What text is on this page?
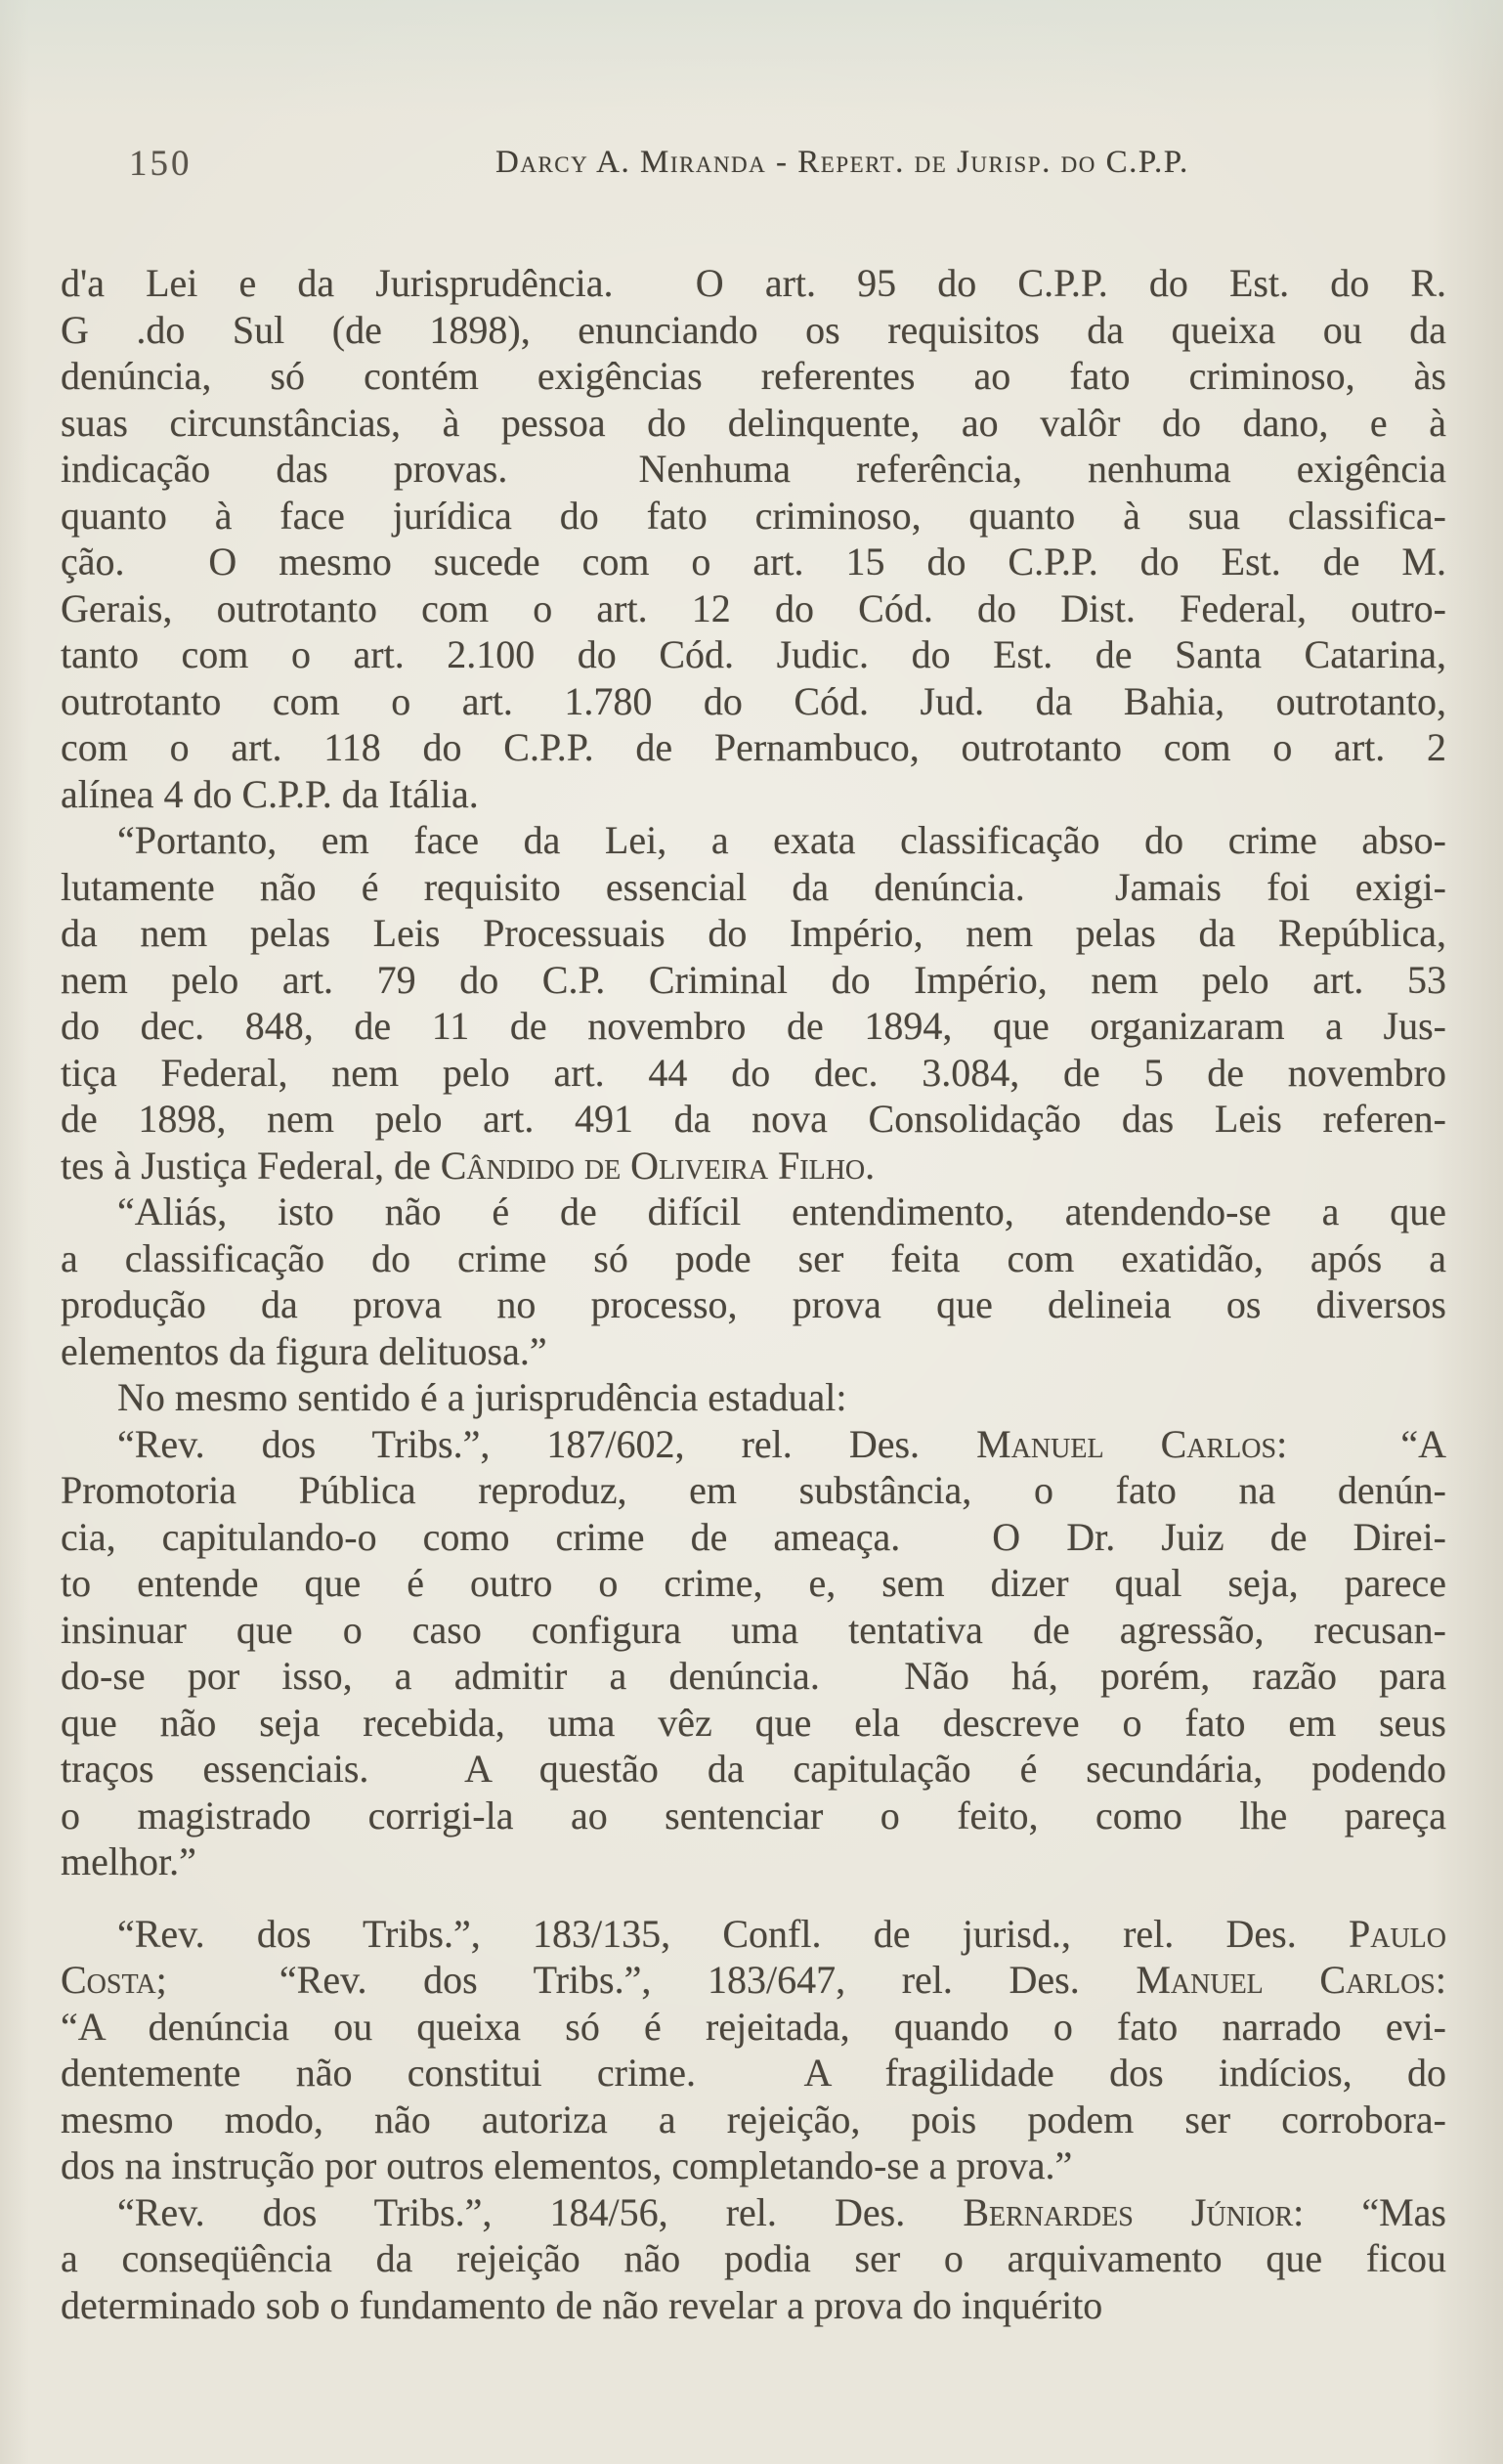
150	Darcy A. Miranda - Repert. de Jurisp. do C.P.P.
d'a Lei e da Jurisprudência.  O art. 95 do C.P.P. do Est. do R.
G .do Sul (de 1898), enunciando os requisitos da queixa ou da
denúncia, só contém exigências referentes ao fato criminoso, às
suas circunstâncias, à pessoa do delinquente, ao valôr do dano, e à
indicação das provas.  Nenhuma referência, nenhuma exigência
quanto à face jurídica do fato criminoso, quanto à sua classifica-
ção.  O mesmo sucede com o art. 15 do C.P.P. do Est. de M.
Gerais, outrotanto com o art. 12 do Cód. do Dist. Federal, outro-
tanto com o art. 2.100 do Cód. Judic. do Est. de Santa Catarina,
outrotanto com o art. 1.780 do Cód. Jud. da Bahia, outrotanto,
com o art. 118 do C.P.P. de Pernambuco, outrotanto com o art. 2
alínea 4 do C.P.P. da Itália.
“Portanto, em face da Lei, a exata classificação do crime abso-
lutamente não é requisito essencial da denúncia.  Jamais foi exigi-
da nem pelas Leis Processuais do Império, nem pelas da República,
nem pelo art. 79 do C.P. Criminal do Império, nem pelo art. 53
do dec. 848, de 11 de novembro de 1894, que organizaram a Jus-
tiça Federal, nem pelo art. 44 do dec. 3.084, de 5 de novembro
de 1898, nem pelo art. 491 da nova Consolidação das Leis referen-
tes à Justiça Federal, de Cândido de Oliveira Filho.
“Aliás, isto não é de difícil entendimento, atendendo-se a que
a classificação do crime só pode ser feita com exatidão, após a
produção da prova no processo, prova que delineia os diversos
elementos da figura delituosa.”
No mesmo sentido é a jurisprudência estadual:
“Rev. dos Tribs.”, 187/602, rel. Des. Manuel Carlos:  “A
Promotoria Pública reproduz, em substância, o fato na denún-
cia, capitulando-o como crime de ameaça.  O Dr. Juiz de Direi-
to entende que é outro o crime, e, sem dizer qual seja, parece
insinuar que o caso configura uma tentativa de agressão, recusan-
do-se por isso, a admitir a denúncia.  Não há, porém, razão para
que não seja recebida, uma vêz que ela descreve o fato em seus
traços essenciais.  A questão da capitulação é secundária, podendo
o magistrado corrigi-la ao sentenciar o feito, como lhe pareça
melhor.”
“Rev. dos Tribs.”, 183/135, Confl. de jurisd., rel. Des. Paulo
Costa;  “Rev. dos Tribs.”, 183/647, rel. Des. Manuel Carlos:
“A denúncia ou queixa só é rejeitada, quando o fato narrado evi-
dentemente não constitui crime.  A fragilidade dos indícios, do
mesmo modo, não autoriza a rejeição, pois podem ser corrobora-
dos na instrução por outros elementos, completando-se a prova.”
“Rev. dos Tribs.”, 184/56, rel. Des. Bernardes Júnior: “Mas
a conseqüência da rejeição não podia ser o arquivamento que ficou
determinado sob o fundamento de não revelar a prova do inquérito
